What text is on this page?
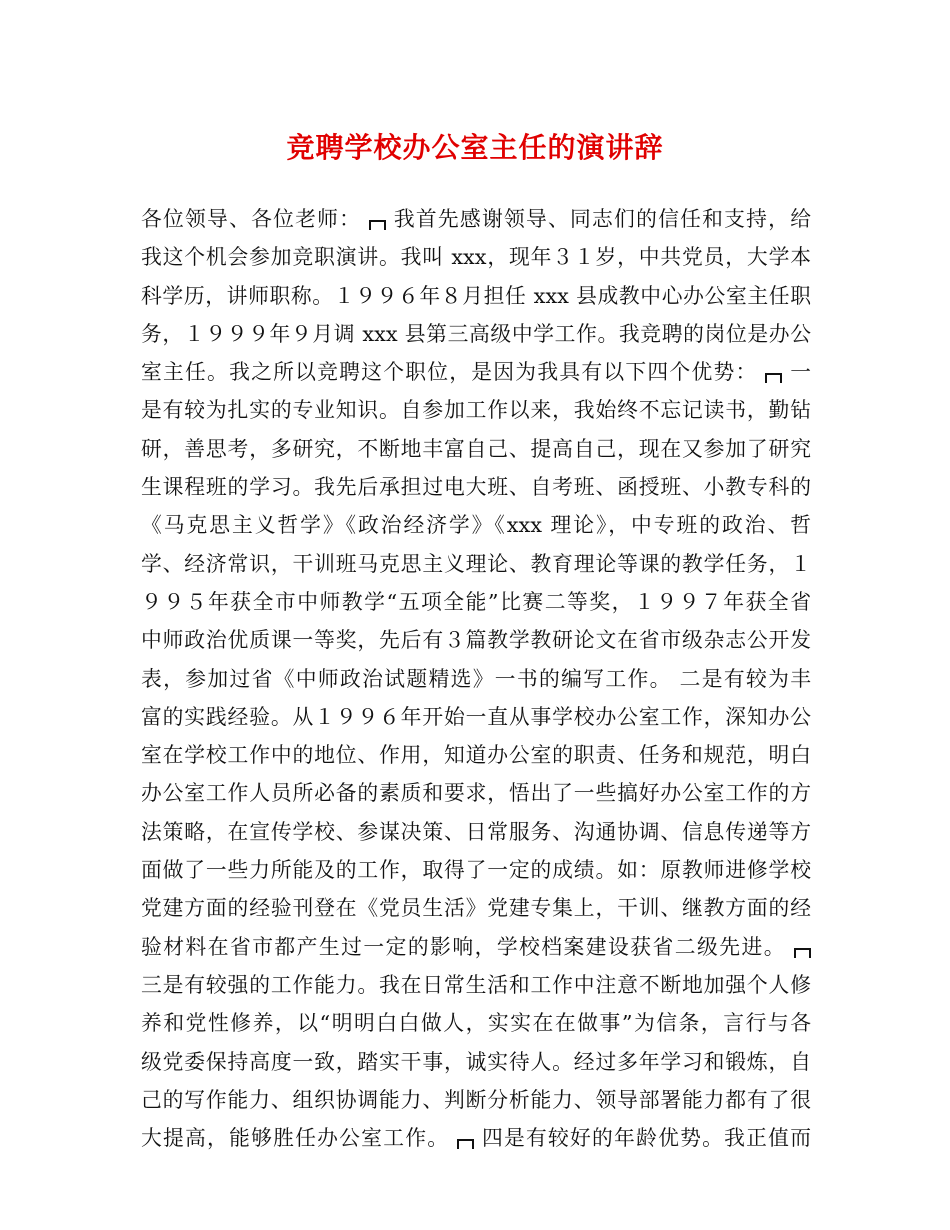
竞聘学校办公室主任的演讲辞
各位领导、各位老师：  我首先感谢领导、同志们的信任和支持，给
我这个机会参加竞职演讲。我叫 xxx，现年３１岁，中共党员，大学本
科学历，讲师职称。１９９６年８月担任 xxx 县成教中心办公室主任职
务，１９９９年９月调 xxx 县第三高级中学工作。我竞聘的岗位是办公
室主任。我之所以竞聘这个职位，是因为我具有以下四个优势：  一
是有较为扎实的专业知识。自参加工作以来，我始终不忘记读书，勤钻
研，善思考，多研究，不断地丰富自己、提高自己，现在又参加了研究
生课程班的学习。我先后承担过电大班、自考班、函授班、小教专科的
《马克思主义哲学》《政治经济学》《xxx 理论》，中专班的政治、哲
学、经济常识，干训班马克思主义理论、教育理论等课的教学任务，１
９９５年获全市中师教学“五项全能”比赛二等奖，１９９７年获全省
中师政治优质课一等奖，先后有３篇教学教研论文在省市级杂志公开发
表，参加过省《中师政治试题精选》一书的编写工作。 二是有较为丰
富的实践经验。从１９９６年开始一直从事学校办公室工作，深知办公
室在学校工作中的地位、作用，知道办公室的职责、任务和规范，明白
办公室工作人员所必备的素质和要求，悟出了一些搞好办公室工作的方
法策略，在宣传学校、参谋决策、日常服务、沟通协调、信息传递等方
面做了一些力所能及的工作，取得了一定的成绩。如：原教师进修学校
党建方面的经验刊登在《党员生活》党建专集上，干训、继教方面的经
验材料在省市都产生过一定的影响，学校档案建设获省二级先进。
三是有较强的工作能力。我在日常生活和工作中注意不断地加强个人修
养和党性修养，以“明明白白做人，实实在在做事”为信条，言行与各
级党委保持高度一致，踏实干事，诚实待人。经过多年学习和锻炼，自
己的写作能力、组织协调能力、判断分析能力、领导部署能力都有了很
大提高，能够胜任办公室工作。  四是有较好的年龄优势。我正值而
